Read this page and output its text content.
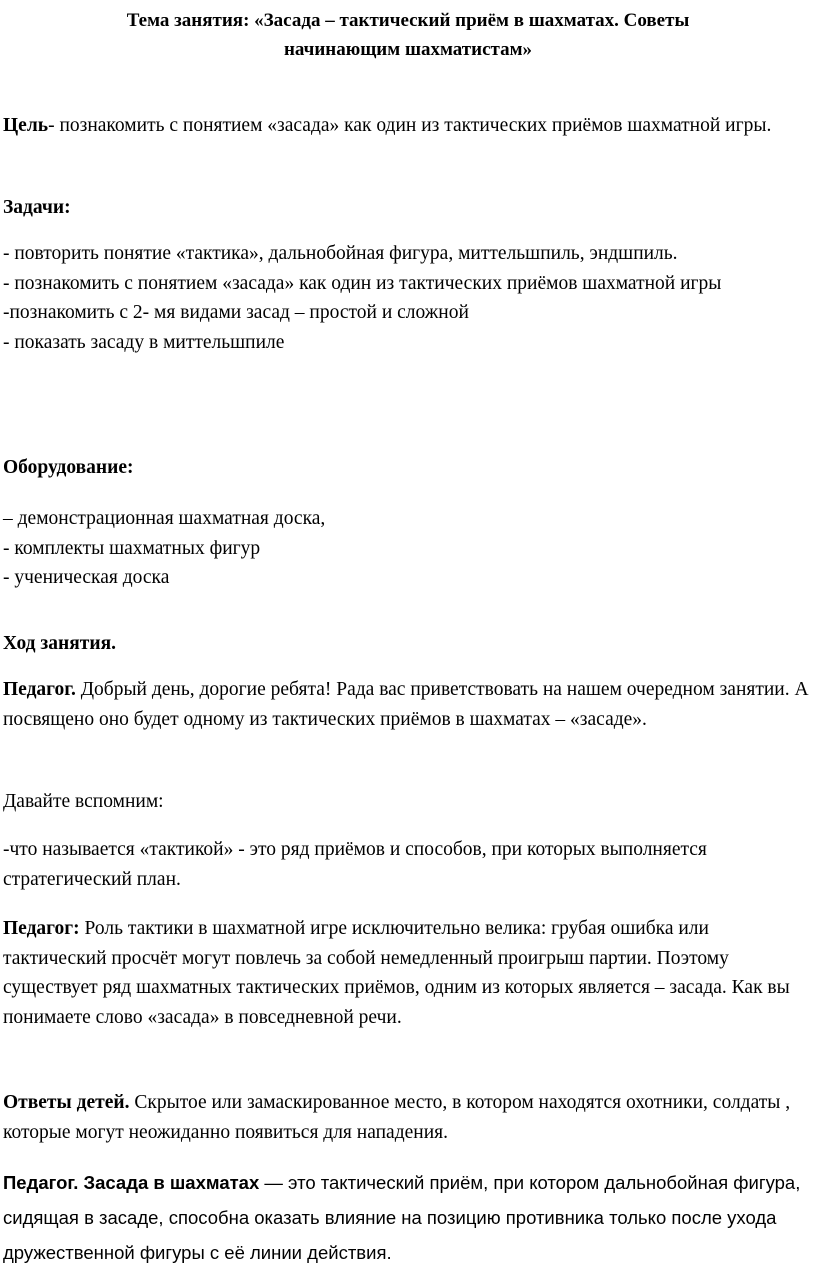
Тема занятия: «Засада – тактический приём в шахматах. Советы
начинающим шахматистам»
Цель- познакомить с понятием «засада» как один из тактических приёмов шахматной игры.
Задачи:

- повторить понятие «тактика», дальнобойная фигура, миттельшпиль, эндшпиль.

- познакомить с понятием «засада» как один из тактических приёмов шахматной игры

-познакомить с 2- мя видами засад – простой и сложной

- показать засаду в миттельшпиле

Оборудование:

– демонстрационная шахматная доска,

- комплекты шахматных фигур

- ученическая доска

Ход занятия.
Педагог. Добрый день, дорогие ребята! Рада вас приветствовать на нашем очередном занятии. А посвящено оно будет одному из тактических приёмов в шахматах – «засаде».
Давайте вспомним:
-что называется «тактикой» - это ряд приёмов и способов, при которых выполняется стратегический план.
Педагог: Роль тактики в шахматной игре исключительно велика: грубая ошибка или тактический просчёт могут повлечь за собой немедленный проигрыш партии. Поэтому существует ряд шахматных тактических приёмов, одним из которых является – засада. Как вы понимаете слово «засада» в повседневной речи.
Ответы детей. Скрытое или замаскированное место, в котором находятся охотники, солдаты , которые могут неожиданно появиться для нападения.
Педагог. Засада в шахматах — это тактический приём, при котором дальнобойная фигура, сидящая в засаде, способна оказать влияние на позицию противника только после ухода дружественной фигуры с её линии действия.
